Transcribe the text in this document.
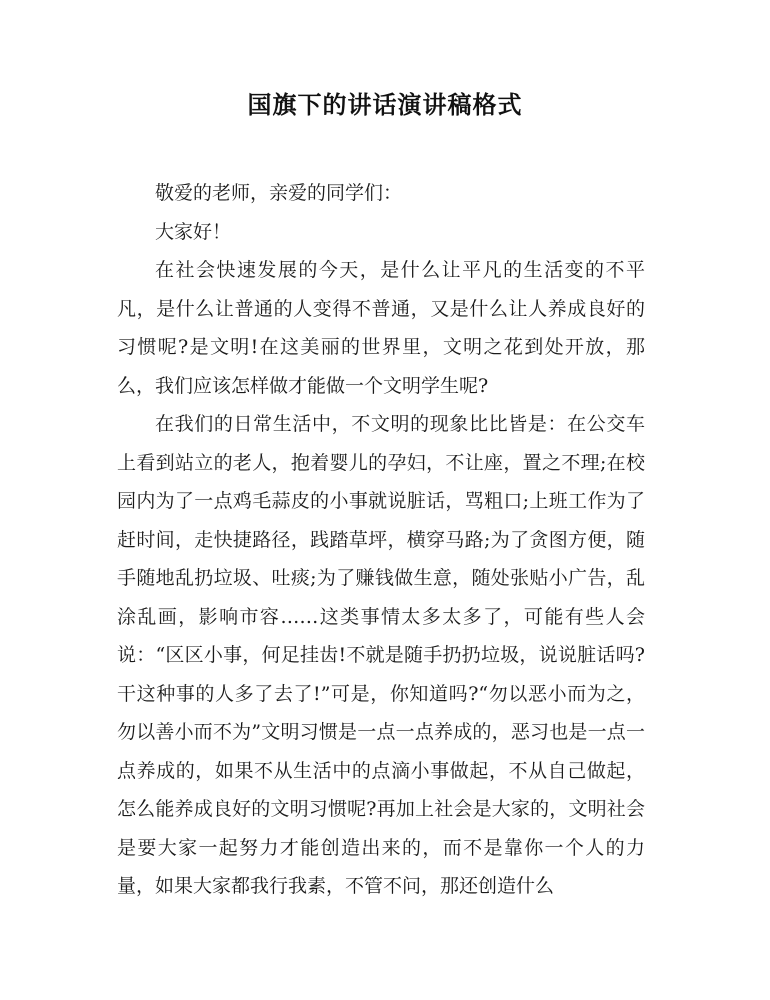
国旗下的讲话演讲稿格式

敬爱的老师，亲爱的同学们：

大家好！

在社会快速发展的今天，是什么让平凡的生活变的不平凡，是什么让普通的人变得不普通，又是什么让人养成良好的习惯呢?是文明!在这美丽的世界里，文明之花到处开放，那么，我们应该怎样做才能做一个文明学生呢?

在我们的日常生活中，不文明的现象比比皆是：在公交车上看到站立的老人，抱着婴儿的孕妇，不让座，置之不理;在校园内为了一点鸡毛蒜皮的小事就说脏话，骂粗口;上班工作为了赶时间，走快捷路径，践踏草坪，横穿马路;为了贪图方便，随手随地乱扔垃圾、吐痰;为了赚钱做生意，随处张贴小广告，乱涂乱画，影响市容……这类事情太多太多了，可能有些人会说：“区区小事，何足挂齿!不就是随手扔扔垃圾，说说脏话吗?干这种事的人多了去了!”可是，你知道吗?“勿以恶小而为之，勿以善小而不为”文明习惯是一点一点养成的，恶习也是一点一点养成的，如果不从生活中的点滴小事做起，不从自己做起，怎么能养成良好的文明习惯呢?再加上社会是大家的，文明社会是要大家一起努力才能创造出来的，而不是靠你一个人的力量，如果大家都我行我素，不管不问，那还创造什么
